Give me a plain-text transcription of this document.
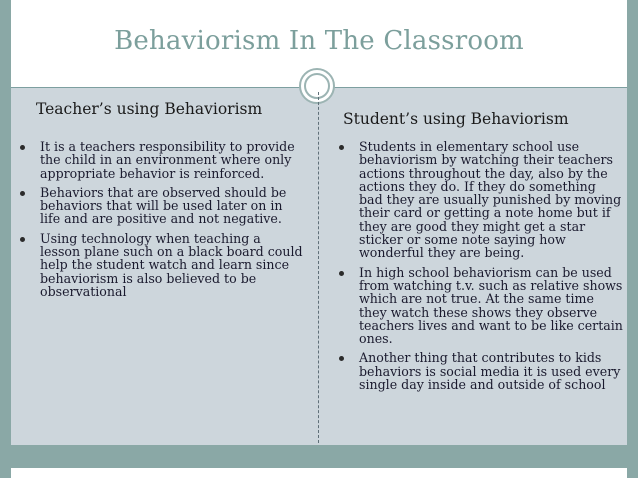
Behaviorism In The Classroom
Teacher’s using Behaviorism
Student’s using Behaviorism
It is a teachers responsibility to provide the child in an environment where only appropriate behavior is reinforced.
Behaviors that are observed should be behaviors that will be used later on in life and are positive and not negative.
Using technology when teaching a lesson plane such on a black board could help the student watch and learn since behaviorism is also believed to be observational
Students in elementary school use behaviorism by watching their teachers actions throughout the day, also by the actions they do. If they do something bad they are usually punished by moving their card or getting a note home but if they are good they might get a star sticker or some note saying how wonderful they are being.
In high school behaviorism can be used from watching t.v. such as relative shows which are not true. At the same time they watch these shows they observe teachers lives and want to be like certain ones.
Another thing that contributes to kids behaviors is social media it is used every single day inside and outside of school
